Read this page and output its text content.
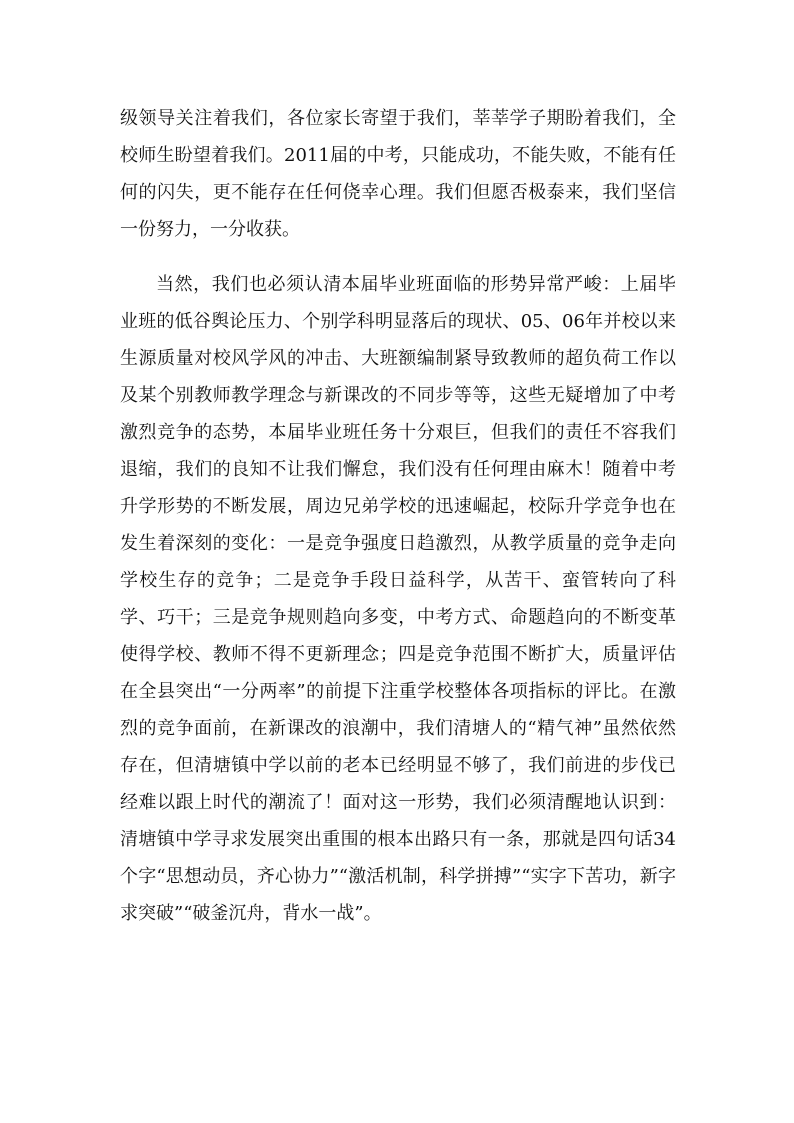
级领导关注着我们，各位家长寄望于我们，莘莘学子期盼着我们，全校师生盼望着我们。2011届的中考，只能成功，不能失败，不能有任何的闪失，更不能存在任何侥幸心理。我们但愿否极泰来，我们坚信一份努力，一分收获。

当然，我们也必须认清本届毕业班面临的形势异常严峻：上届毕业班的低谷舆论压力、个别学科明显落后的现状、05、06年并校以来生源质量对校风学风的冲击、大班额编制紧导致教师的超负荷工作以及某个别教师教学理念与新课改的不同步等等，这些无疑增加了中考激烈竞争的态势，本届毕业班任务十分艰巨，但我们的责任不容我们退缩，我们的良知不让我们懈怠，我们没有任何理由麻木！随着中考升学形势的不断发展，周边兄弟学校的迅速崛起，校际升学竞争也在发生着深刻的变化：一是竞争强度日趋激烈，从教学质量的竞争走向学校生存的竞争；二是竞争手段日益科学，从苦干、蛮管转向了科学、巧干；三是竞争规则趋向多变，中考方式、命题趋向的不断变革使得学校、教师不得不更新理念；四是竞争范围不断扩大，质量评估在全县突出“一分两率”的前提下注重学校整体各项指标的评比。在激烈的竞争面前，在新课改的浪潮中，我们清塘人的“精气神”虽然依然存在，但清塘镇中学以前的老本已经明显不够了，我们前进的步伐已经难以跟上时代的潮流了！面对这一形势，我们必须清醒地认识到：清塘镇中学寻求发展突出重围的根本出路只有一条，那就是四句话34个字“思想动员，齐心协力”“激活机制，科学拼搏”“实字下苦功，新字求突破”“破釜沉舟，背水一战”。
